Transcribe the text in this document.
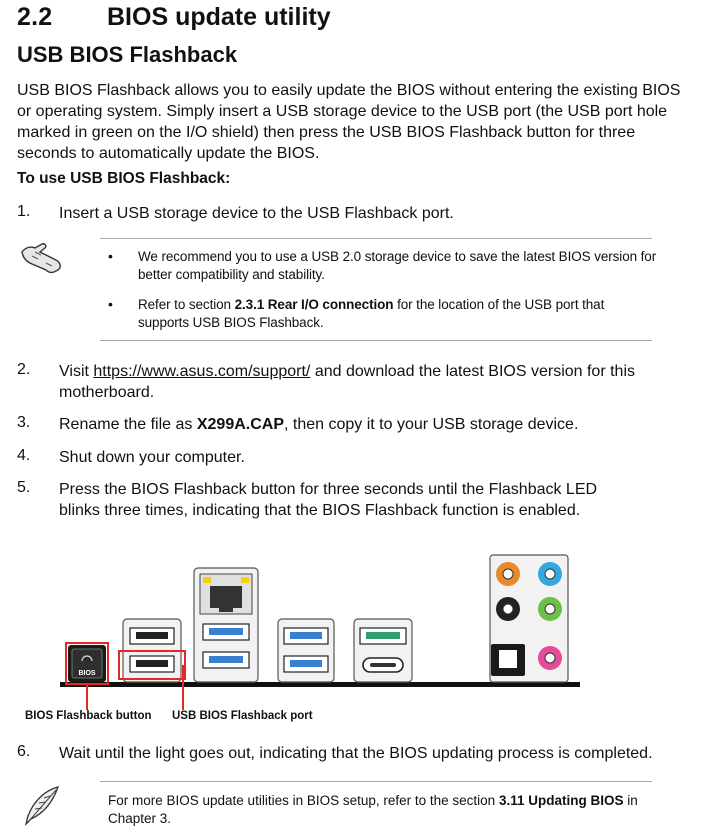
2.2 BIOS update utility
USB BIOS Flashback

USB BIOS Flashback allows you to easily update the BIOS without entering the existing BIOS or operating system. Simply insert a USB storage device to the USB port (the USB port hole marked in green on the I/O shield) then press the USB BIOS Flashback button for three seconds to automatically update the BIOS.

To use USB BIOS Flashback:
1. Insert a USB storage device to the USB Flashback port.
• We recommend you to use a USB 2.0 storage device to save the latest BIOS version for better compatibility and stability.
• Refer to section 2.3.1 Rear I/O connection for the location of the USB port that supports USB BIOS Flashback.
2. Visit https://www.asus.com/support/ and download the latest BIOS version for this motherboard.
3. Rename the file as X299A.CAP, then copy it to your USB storage device.
4. Shut down your computer.
5. Press the BIOS Flashback button for three seconds until the Flashback LED blinks three times, indicating that the BIOS Flashback function is enabled.
BIOS
BIOS Flashback button USB BIOS Flashback port
6. Wait until the light goes out, indicating that the BIOS updating process is completed.
For more BIOS update utilities in BIOS setup, refer to the section 3.11 Updating BIOS in Chapter 3.
